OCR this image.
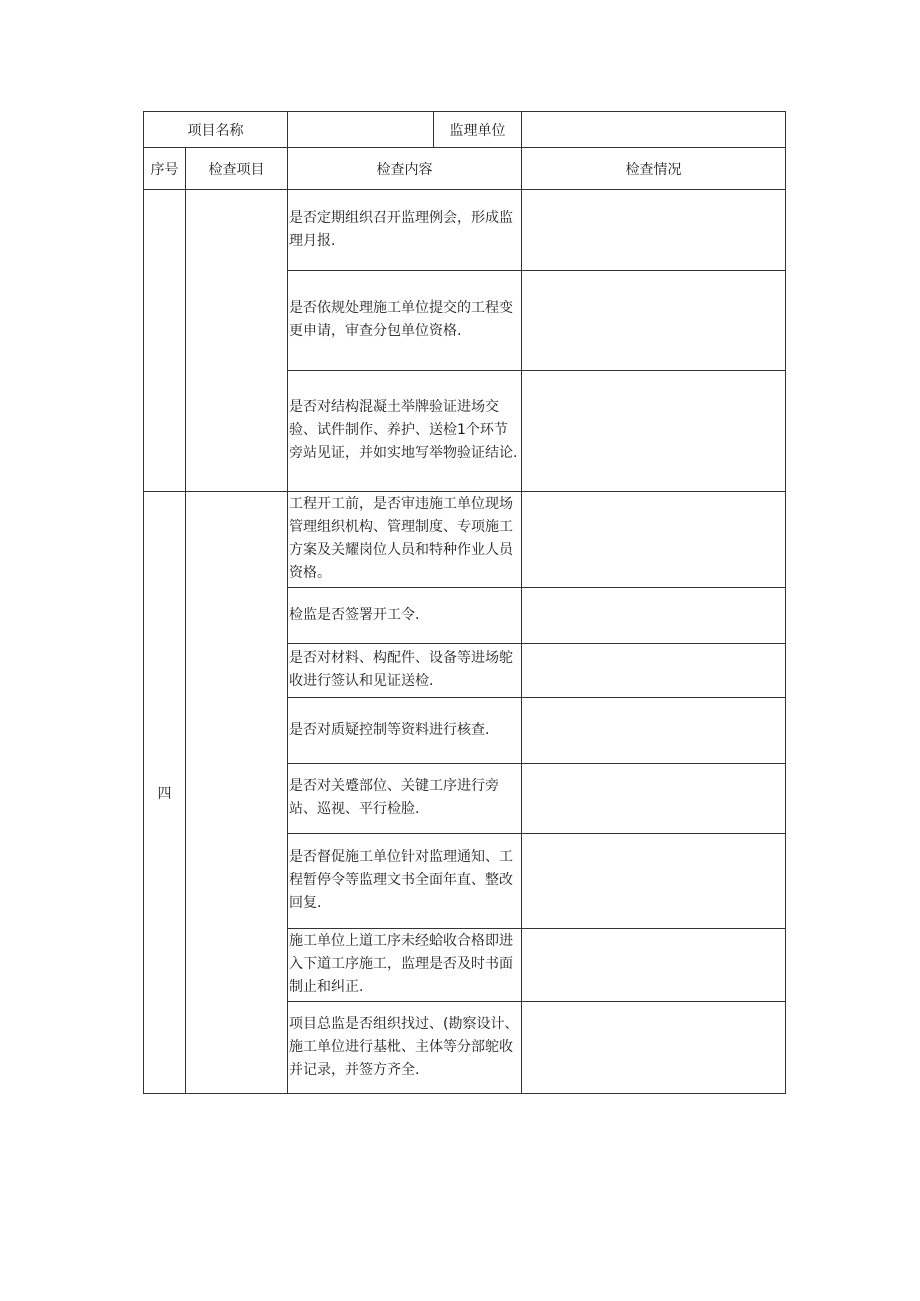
项目名称			监理单位	
序号	检查项目	检查内容		检查情况
		是否定期组织召开监理例会，形成监理月报.		
		是否依规处理施工单位提交的工程变更申请，审查分包单位资格.		
		是否对结构混凝土举牌验证进场交验、试件制作、养护、送检1个环节旁站见证，并如实地写举物验证结论.		
四		工程开工前，是否审违施工单位现场管理组织机构、管理制度、专项施工方案及关耀岗位人员和特种作业人员资格。		
		检监是否签署开工令.		
		是否对材料、构配件、设备等进场鸵收进行签认和见证送检.		
		是否对质疑控制等资料进行核查.		
		是否对关蹙部位、关键工序进行旁站、巡视、平行检脸.		
		是否督促施工单位针对监理通知、工程暂停令等监理文书全面年直、整改回复.		
		施工单位上道工序未经蛤收合格即进入下道工序施工，监理是否及时书面制止和纠正.		
		项目总监是否组织找过、(勘察设计、施工单位进行基枇、主体等分部鸵收并记录，并签方齐全.		
